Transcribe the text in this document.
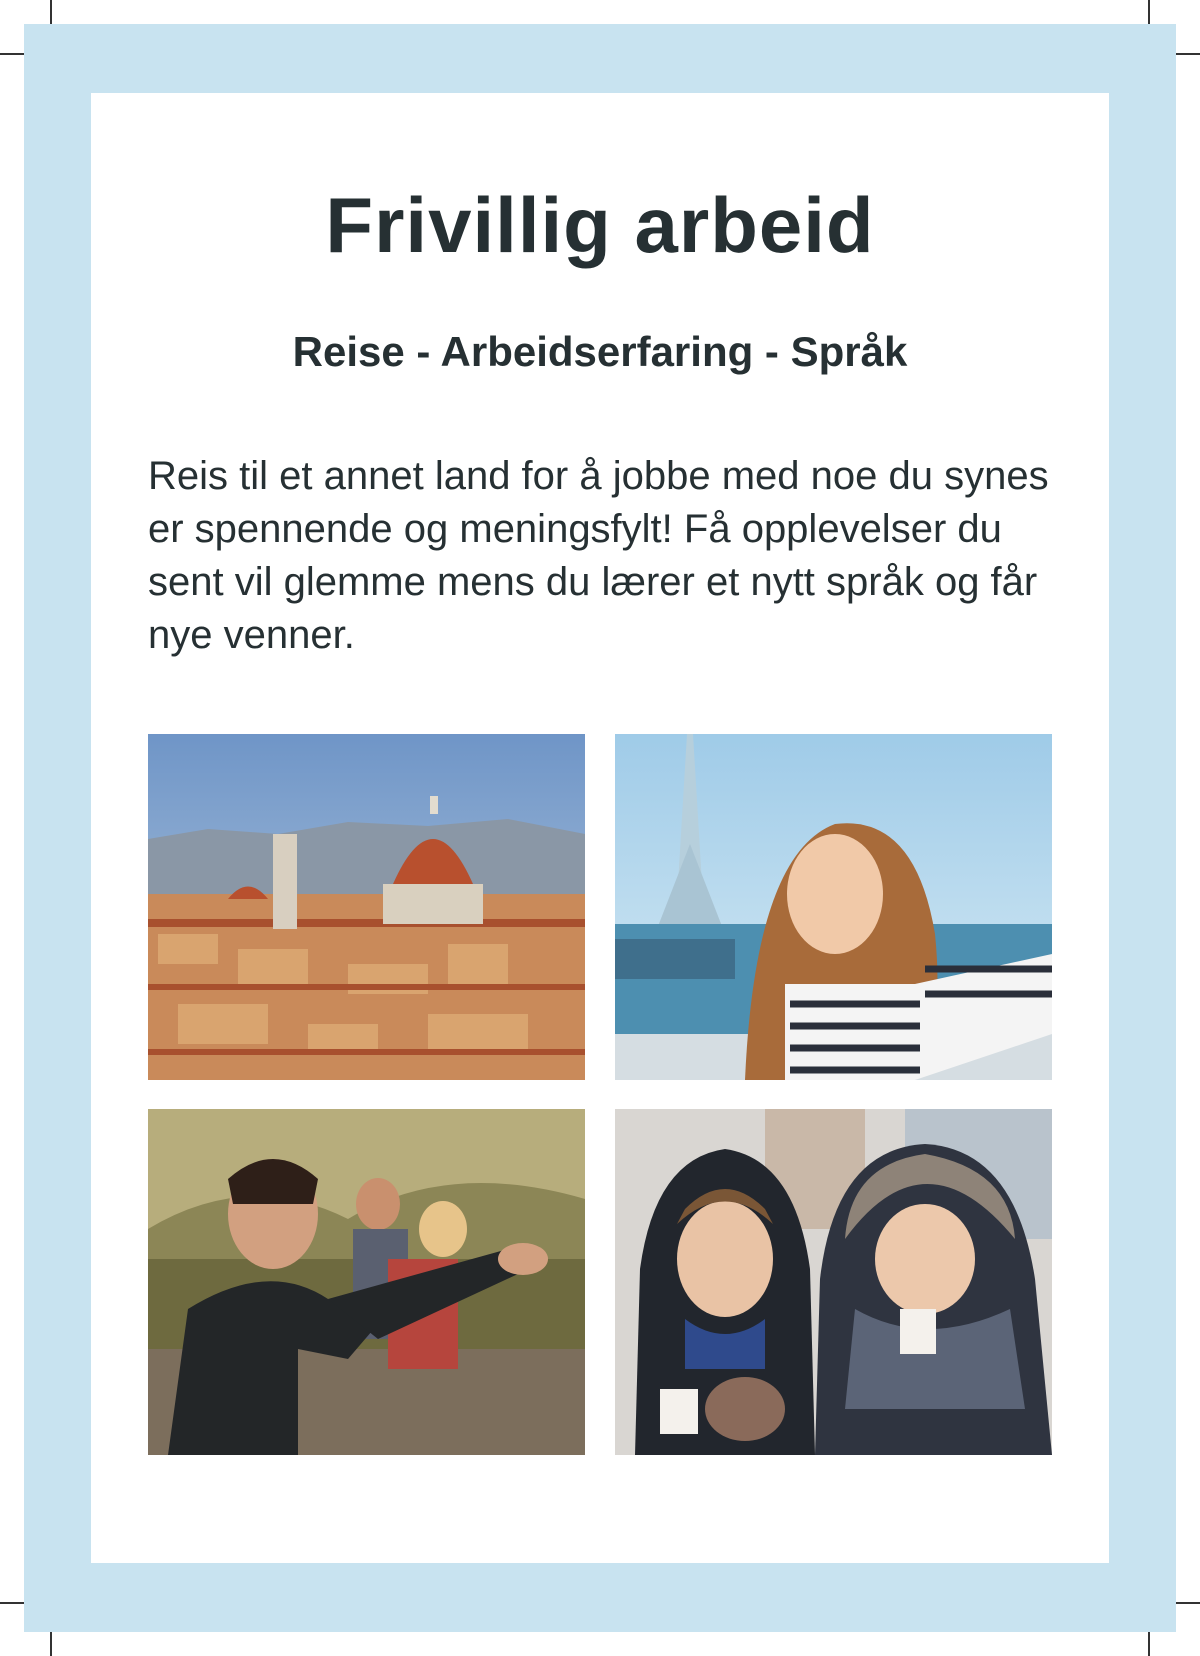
Frivillig arbeid
Reise - Arbeidserfaring - Språk

Reis til et annet land for å jobbe med noe du synes er spennende og meningsfylt! Få opplevelser du sent vil glemme mens du lærer et nytt språk og får nye venner.
